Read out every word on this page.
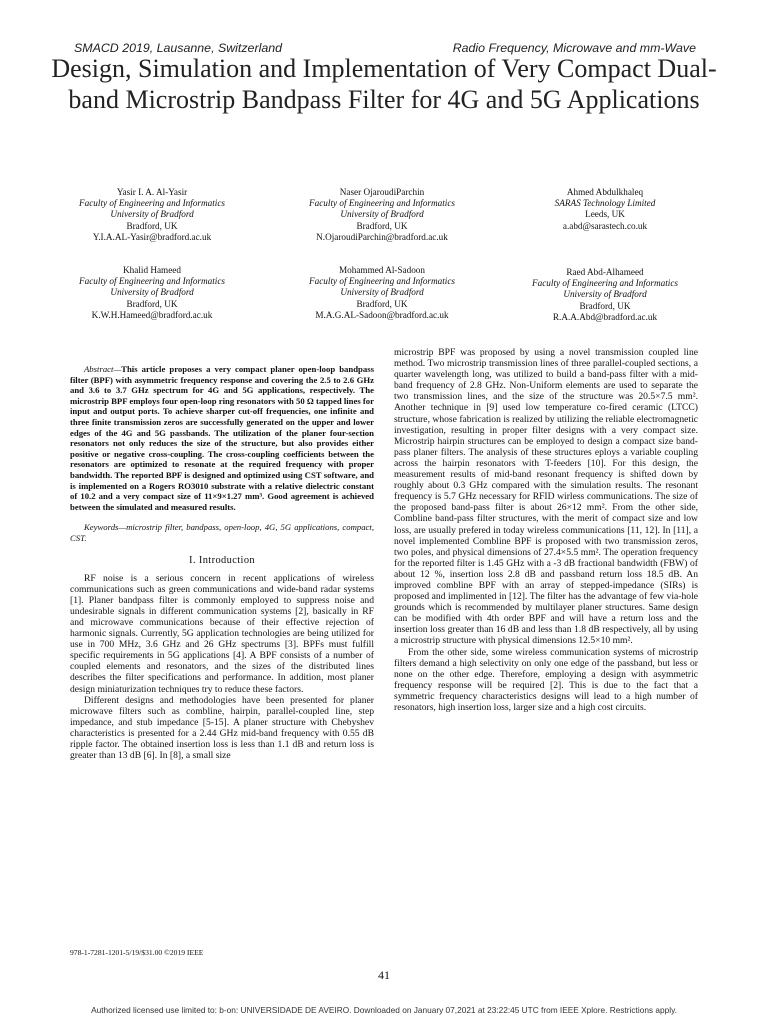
SMACD 2019, Lausanne, Switzerland	Radio Frequency, Microwave and mm-Wave
Design, Simulation and Implementation of Very Compact Dual-band Microstrip Bandpass Filter for 4G and 5G Applications
Yasir I. A. Al-Yasir
Faculty of Engineering and Informatics
University of Bradford
Bradford, UK
Y.I.A.AL-Yasir@bradford.ac.uk
Naser OjaroudiParchin
Faculty of Engineering and Informatics
University of Bradford
Bradford, UK
N.OjaroudiParchin@bradford.ac.uk
Ahmed Abdulkhaleq
SARAS Technology Limited
Leeds, UK
a.abd@sarastech.co.uk
Khalid Hameed
Faculty of Engineering and Informatics
University of Bradford
Bradford, UK
K.W.H.Hameed@bradford.ac.uk
Mohammed Al-Sadoon
Faculty of Engineering and Informatics
University of Bradford
Bradford, UK
M.A.G.AL-Sadoon@bradford.ac.uk
Raed Abd-Alhameed
Faculty of Engineering and Informatics
University of Bradford
Bradford, UK
R.A.A.Abd@bradford.ac.uk

Abstract—This article proposes a very compact planer open-loop bandpass filter (BPF) with asymmetric frequency response and covering the 2.5 to 2.6 GHz and 3.6 to 3.7 GHz spectrum for 4G and 5G applications, respectively. The microstrip BPF employs four open-loop ring resonators with 50 Ω tapped lines for input and output ports. To achieve sharper cut-off frequencies, one infinite and three finite transmission zeros are successfully generated on the upper and lower edges of the 4G and 5G passbands. The utilization of the planer four-section resonators not only reduces the size of the structure, but also provides either positive or negative cross-coupling. The cross-coupling coefficients between the resonators are optimized to resonate at the required frequency with proper bandwidth. The reported BPF is designed and optimized using CST software, and is implemented on a Rogers RO3010 substrate with a relative dielectric constant of 10.2 and a very compact size of 11×9×1.27 mm³. Good agreement is achieved between the simulated and measured results.

Keywords—microstrip filter, bandpass, open-loop, 4G, 5G applications, compact, CST.

I. Introduction

RF noise is a serious concern in recent applications of wireless communications such as green communications and wide-band radar systems [1]. Planer bandpass filter is commonly employed to suppress noise and undesirable signals in different communication systems [2], basically in RF and microwave communications because of their effective rejection of harmonic signals. Currently, 5G application technologies are being utilized for use in 700 MHz, 3.6 GHz and 26 GHz spectrums [3]. BPFs must fulfill specific requirements in 5G applications [4]. A BPF consists of a number of coupled elements and resonators, and the sizes of the distributed lines describes the filter specifications and performance. In addition, most planer design miniaturization techniques try to reduce these factors.

Different designs and methodologies have been presented for planer microwave filters such as combline, hairpin, parallel-coupled line, step impedance, and stub impedance [5-15]. A planer structure with Chebyshev characteristics is presented for a 2.44 GHz mid-band frequency with 0.55 dB ripple factor. The obtained insertion loss is less than 1.1 dB and return loss is greater than 13 dB [6]. In [8], a small size

microstrip BPF was proposed by using a novel transmission coupled line method. Two microstrip transmission lines of three parallel-coupled sections, a quarter wavelength long, was utilized to build a band-pass filter with a mid-band frequency of 2.8 GHz. Non-Uniform elements are used to separate the two transmission lines, and the size of the structure was 20.5×7.5 mm². Another technique in [9] used low temperature co-fired ceramic (LTCC) structure, whose fabrication is realized by utilizing the reliable electromagnetic investigation, resulting in proper filter designs with a very compact size. Microstrip hairpin structures can be employed to design a compact size band-pass planer filters. The analysis of these structures eploys a variable coupling across the hairpin resonators with T-feeders [10]. For this design, the measurement results of mid-band resonant frequency is shifted down by roughly about 0.3 GHz compared with the simulation results. The resonant frequency is 5.7 GHz necessary for RFID wirless communications. The size of the proposed band-pass filter is about 26×12 mm². From the other side, Combline band-pass filter structures, with the merit of compact size and low loss, are usually prefered in today wireless communications [11, 12]. In [11], a novel implemented Combline BPF is proposed with two transmission zeros, two poles, and physical dimensions of 27.4×5.5 mm². The operation frequency for the reported filter is 1.45 GHz with a -3 dB fractional bandwidth (FBW) of about 12 %, insertion loss 2.8 dB and passband return loss 18.5 dB. An improved combline BPF with an array of stepped-impedance (SIRs) is proposed and implimented in [12]. The filter has the advantage of few via-hole grounds which is recommended by multilayer planer structures. Same design can be modified with 4th order BPF and will have a return loss and the insertion loss greater than 16 dB and less than 1.8 dB respectively, all by using a microstrip structure with physical dimensions 12.5×10 mm².

From the other side, some wireless communication systems of microstrip filters demand a high selectivity on only one edge of the passband, but less or none on the other edge. Therefore, employing a design with asymmetric frequency response will be required [2]. This is due to the fact that a symmetric frequency characteristics designs will lead to a high number of resonators, high insertion loss, larger size and a high cost circuits.

978-1-7281-1201-5/19/$31.00 ©2019 IEEE
41
Authorized licensed use limited to: b-on: UNIVERSIDADE DE AVEIRO. Downloaded on January 07,2021 at 23:22:45 UTC from IEEE Xplore. Restrictions apply.
